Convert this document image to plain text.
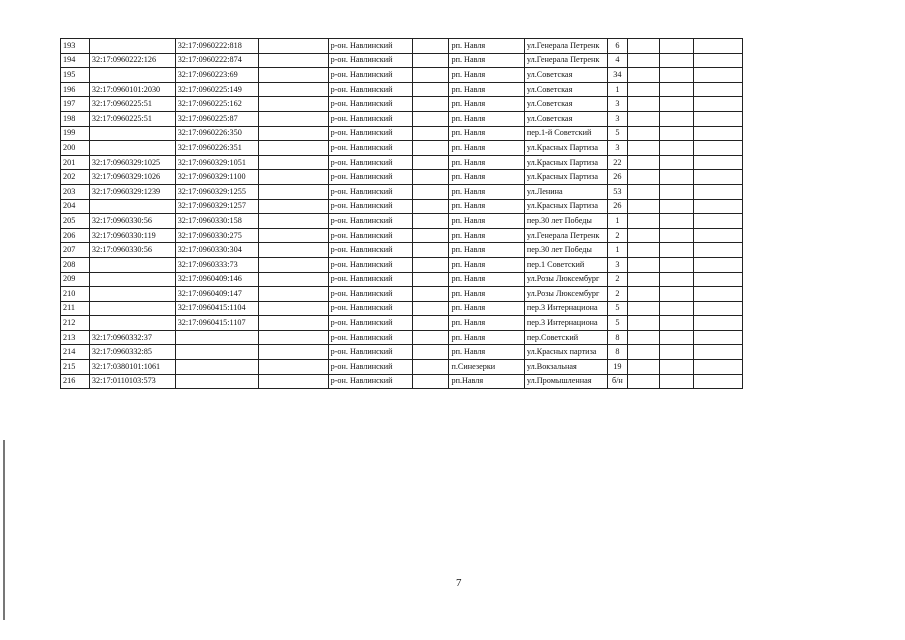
193		32:17:0960222:818		р-он. Навлинский		рп. Навля	ул.Генерала Петренк	6			
194	32:17:0960222:126	32:17:0960222:874		р-он. Навлинский		рп. Навля	ул.Генерала Петренк	4			
195		32:17:0960223:69		р-он. Навлинский		рп. Навля	ул.Советская	34			
196	32:17:0960101:2030	32:17:0960225:149		р-он. Навлинский		рп. Навля	ул.Советская	1			
197	32:17:0960225:51	32:17:0960225:162		р-он. Навлинский		рп. Навля	ул.Советская	3			
198	32:17:0960225:51	32:17:0960225:87		р-он. Навлинский		рп. Навля	ул.Советская	3			
199		32:17:0960226:350		р-он. Навлинский		рп. Навля	пер.1-й Советский	5			
200		32:17:0960226:351		р-он. Навлинский		рп. Навля	ул.Красных Партиза	3			
201	32:17:0960329:1025	32:17:0960329:1051		р-он. Навлинский		рп. Навля	ул.Красных Партиза	22			
202	32:17:0960329:1026	32:17:0960329:1100		р-он. Навлинский		рп. Навля	ул.Красных Партиза	26			
203	32:17:0960329:1239	32:17:0960329:1255		р-он. Навлинский		рп. Навля	ул.Ленина	53			
204		32:17:0960329:1257		р-он. Навлинский		рп. Навля	ул.Красных Партиза	26			
205	32:17:0960330:56	32:17:0960330:158		р-он. Навлинский		рп. Навля	пер.30 лет Победы	1			
206	32:17:0960330:119	32:17:0960330:275		р-он. Навлинский		рп. Навля	ул.Генерала Петренк	2			
207	32:17:0960330:56	32:17:0960330:304		р-он. Навлинский		рп. Навля	пер.30 лет Победы	1			
208		32:17:0960333:73		р-он. Навлинский		рп. Навля	пер.1 Советский	3			
209		32:17:0960409:146		р-он. Навлинский		рп. Навля	ул.Розы Люксембург	2			
210		32:17:0960409:147		р-он. Навлинский		рп. Навля	ул.Розы Люксембург	2			
211		32:17:0960415:1104		р-он. Навлинский		рп. Навля	пер.3 Интернациона	5			
212		32:17:0960415:1107		р-он. Навлинский		рп. Навля	пер.3 Интернациона	5			
213	32:17:0960332:37			р-он. Навлинский		рп. Навля	пер.Советский	8			
214	32:17:0960332:85			р-он. Навлинский		рп. Навля	ул.Красных партиза	8			
215	32:17:0380101:1061			р-он. Навлинский		п.Синезерки	ул.Вокзальная	19			
216	32:17:0110103:573			р-он. Навлинский		рп.Навля	ул.Промышленная	б/н			
7
